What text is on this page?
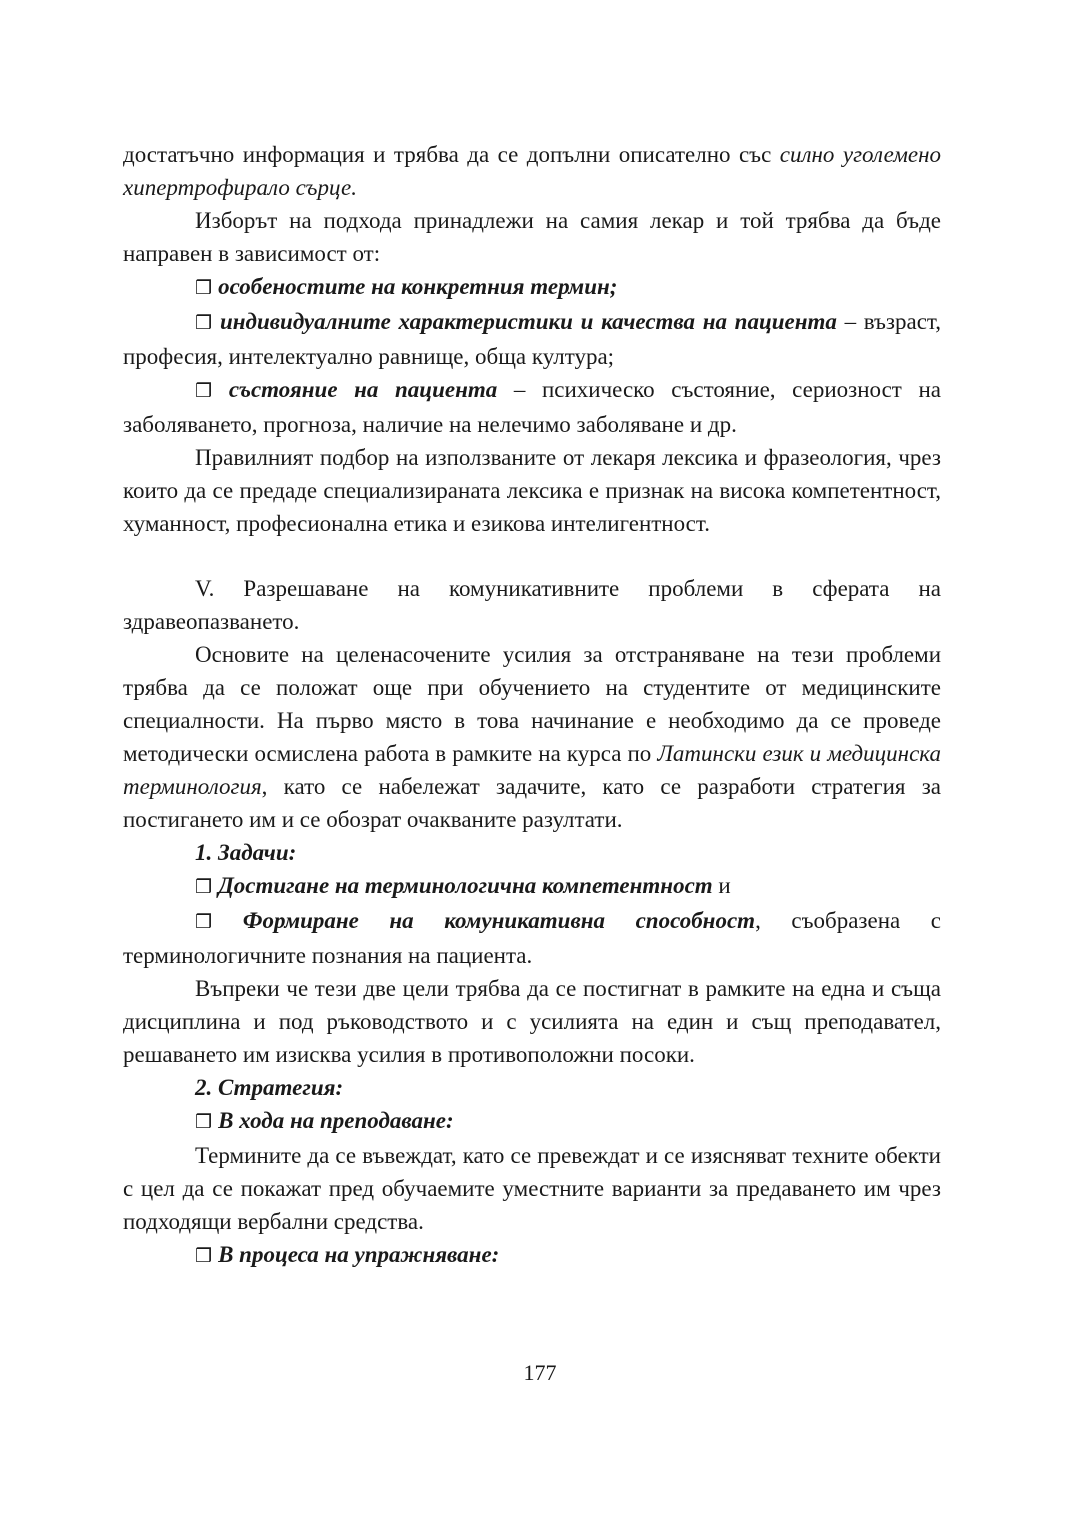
достатъчно информация и трябва да се допълни описателно със силно уголемено хипертрофирало сърце.

Изборът на подхода принадлежи на самия лекар и той трябва да бъде направен в зависимост от:

❒ особеностите на конкретния термин;

❒ индивидуалните характеристики и качества на пациента – възраст, професия, интелектуално равнище, обща култура;

❒ състояние на пациента – психическо състояние, сериозност на заболяването, прогноза, наличие на нелечимо заболяване и др.

Правилният подбор на използваните от лекаря лексика и фразеология, чрез които да се предаде специализираната лексика е признак на висока компетентност, хуманност, професионална етика и езикова интелигентност.

V. Разрешаване на комуникативните проблеми в сферата на здравеопазването.

Основите на целенасочените усилия за отстраняване на тези проблеми трябва да се положат още при обучението на студентите от медицинските специалности. На първо място в това начинание е необходимо да се проведе методически осмислена работа в рамките на курса по Латински език и медицинска терминология, като се набележат задачите, като се разработи стратегия за постигането им и се обозрат очакваните разултати.

1. Задачи:

❒ Достигане на терминологична компетентност и

❒ Формиране на комуникативна способност, съобразена с терминологичните познания на пациента.

Въпреки че тези две цели трябва да се постигнат в рамките на една и съща дисциплина и под ръководството и с усилията на един и същ преподавател, решаването им изисква усилия в противоположни посоки.

2. Стратегия:

❒ В хода на преподаване:

Термините да се въвеждат, като се превеждат и се изясняват техните обекти с цел да се покажат пред обучаемите уместните варианти за предаването им чрез подходящи вербални средства.

❒ В процеса на упражняване:

177
